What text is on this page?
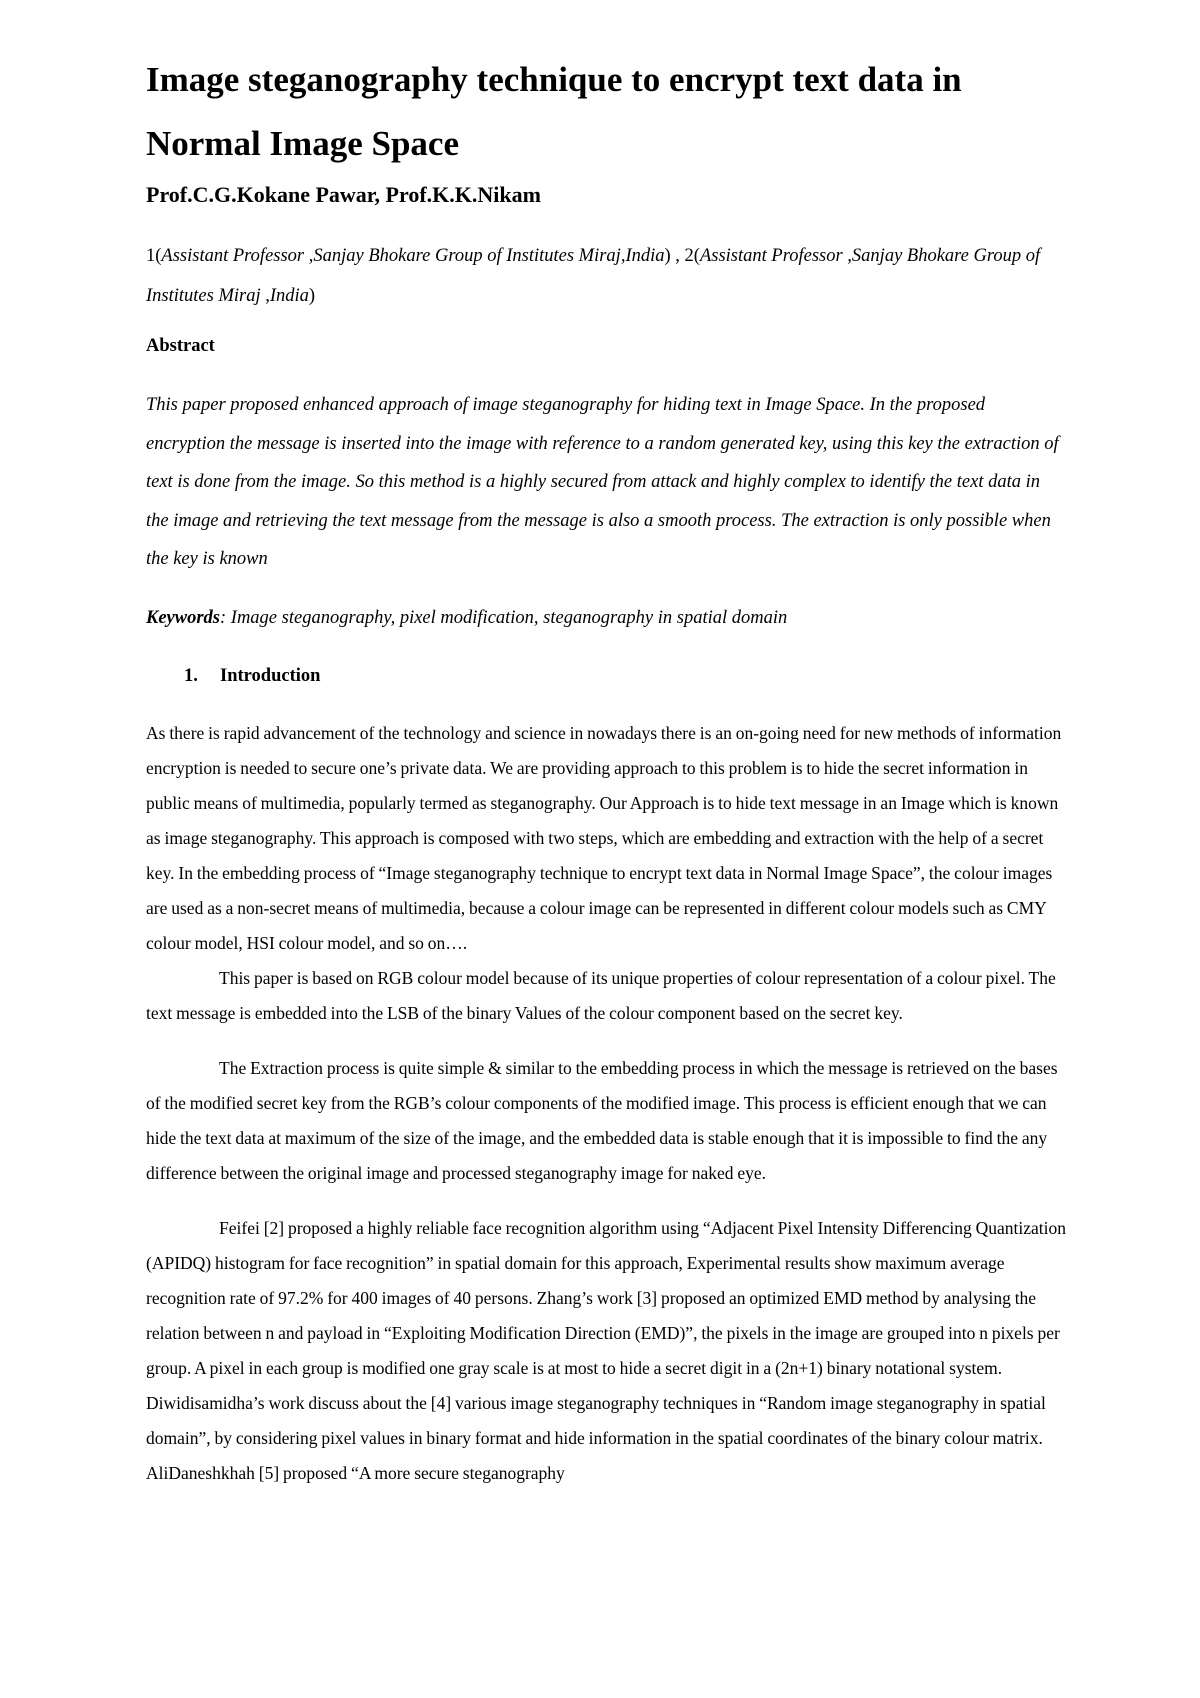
Image steganography technique to encrypt text data in Normal Image Space
Prof.C.G.Kokane Pawar, Prof.K.K.Nikam
1(Assistant Professor ,Sanjay Bhokare Group of Institutes Miraj,India) , 2(Assistant Professor ,Sanjay Bhokare Group of Institutes Miraj ,India)
Abstract

This paper proposed enhanced approach of image steganography for hiding text in Image Space. In the proposed encryption the message is inserted into the image with reference to a random generated key, using this key the extraction of text is done from the image. So this method is a highly secured from attack and highly complex to identify the text data in the image and retrieving the text message from the message is also a smooth process. The extraction is only possible when the key is known

Keywords: Image steganography, pixel modification, steganography in spatial domain
1. Introduction

As there is rapid advancement of the technology and science in nowadays there is an on-going need for new methods of information encryption is needed to secure one’s private data. We are providing approach to this problem is to hide the secret information in public means of multimedia, popularly termed as steganography. Our Approach is to hide text message in an Image which is known as image steganography. This approach is composed with two steps, which are embedding and extraction with the help of a secret key. In the embedding process of “Image steganography technique to encrypt text data in Normal Image Space”, the colour images are used as a non-secret means of multimedia, because a colour image can be represented in different colour models such as CMY colour model, HSI colour model, and so on….

This paper is based on RGB colour model because of its unique properties of colour representation of a colour pixel. The text message is embedded into the LSB of the binary Values of the colour component based on the secret key.

The Extraction process is quite simple & similar to the embedding process in which the message is retrieved on the bases of the modified secret key from the RGB’s colour components of the modified image. This process is efficient enough that we can hide the text data at maximum of the size of the image, and the embedded data is stable enough that it is impossible to find the any difference between the original image and processed steganography image for naked eye.

Feifei [2] proposed a highly reliable face recognition algorithm using “Adjacent Pixel Intensity Differencing Quantization (APIDQ) histogram for face recognition” in spatial domain for this approach, Experimental results show maximum average recognition rate of 97.2% for 400 images of 40 persons. Zhang’s work [3] proposed an optimized EMD method by analysing the relation between n and payload in “Exploiting Modification Direction (EMD)”, the pixels in the image are grouped into n pixels per group. A pixel in each group is modified one gray scale is at most to hide a secret digit in a (2n+1) binary notational system. Diwidisamidha’s work discuss about the [4] various image steganography techniques in “Random image steganography in spatial domain”, by considering pixel values in binary format and hide information in the spatial coordinates of the binary colour matrix. AliDaneshkhah [5] proposed “A more secure steganography
